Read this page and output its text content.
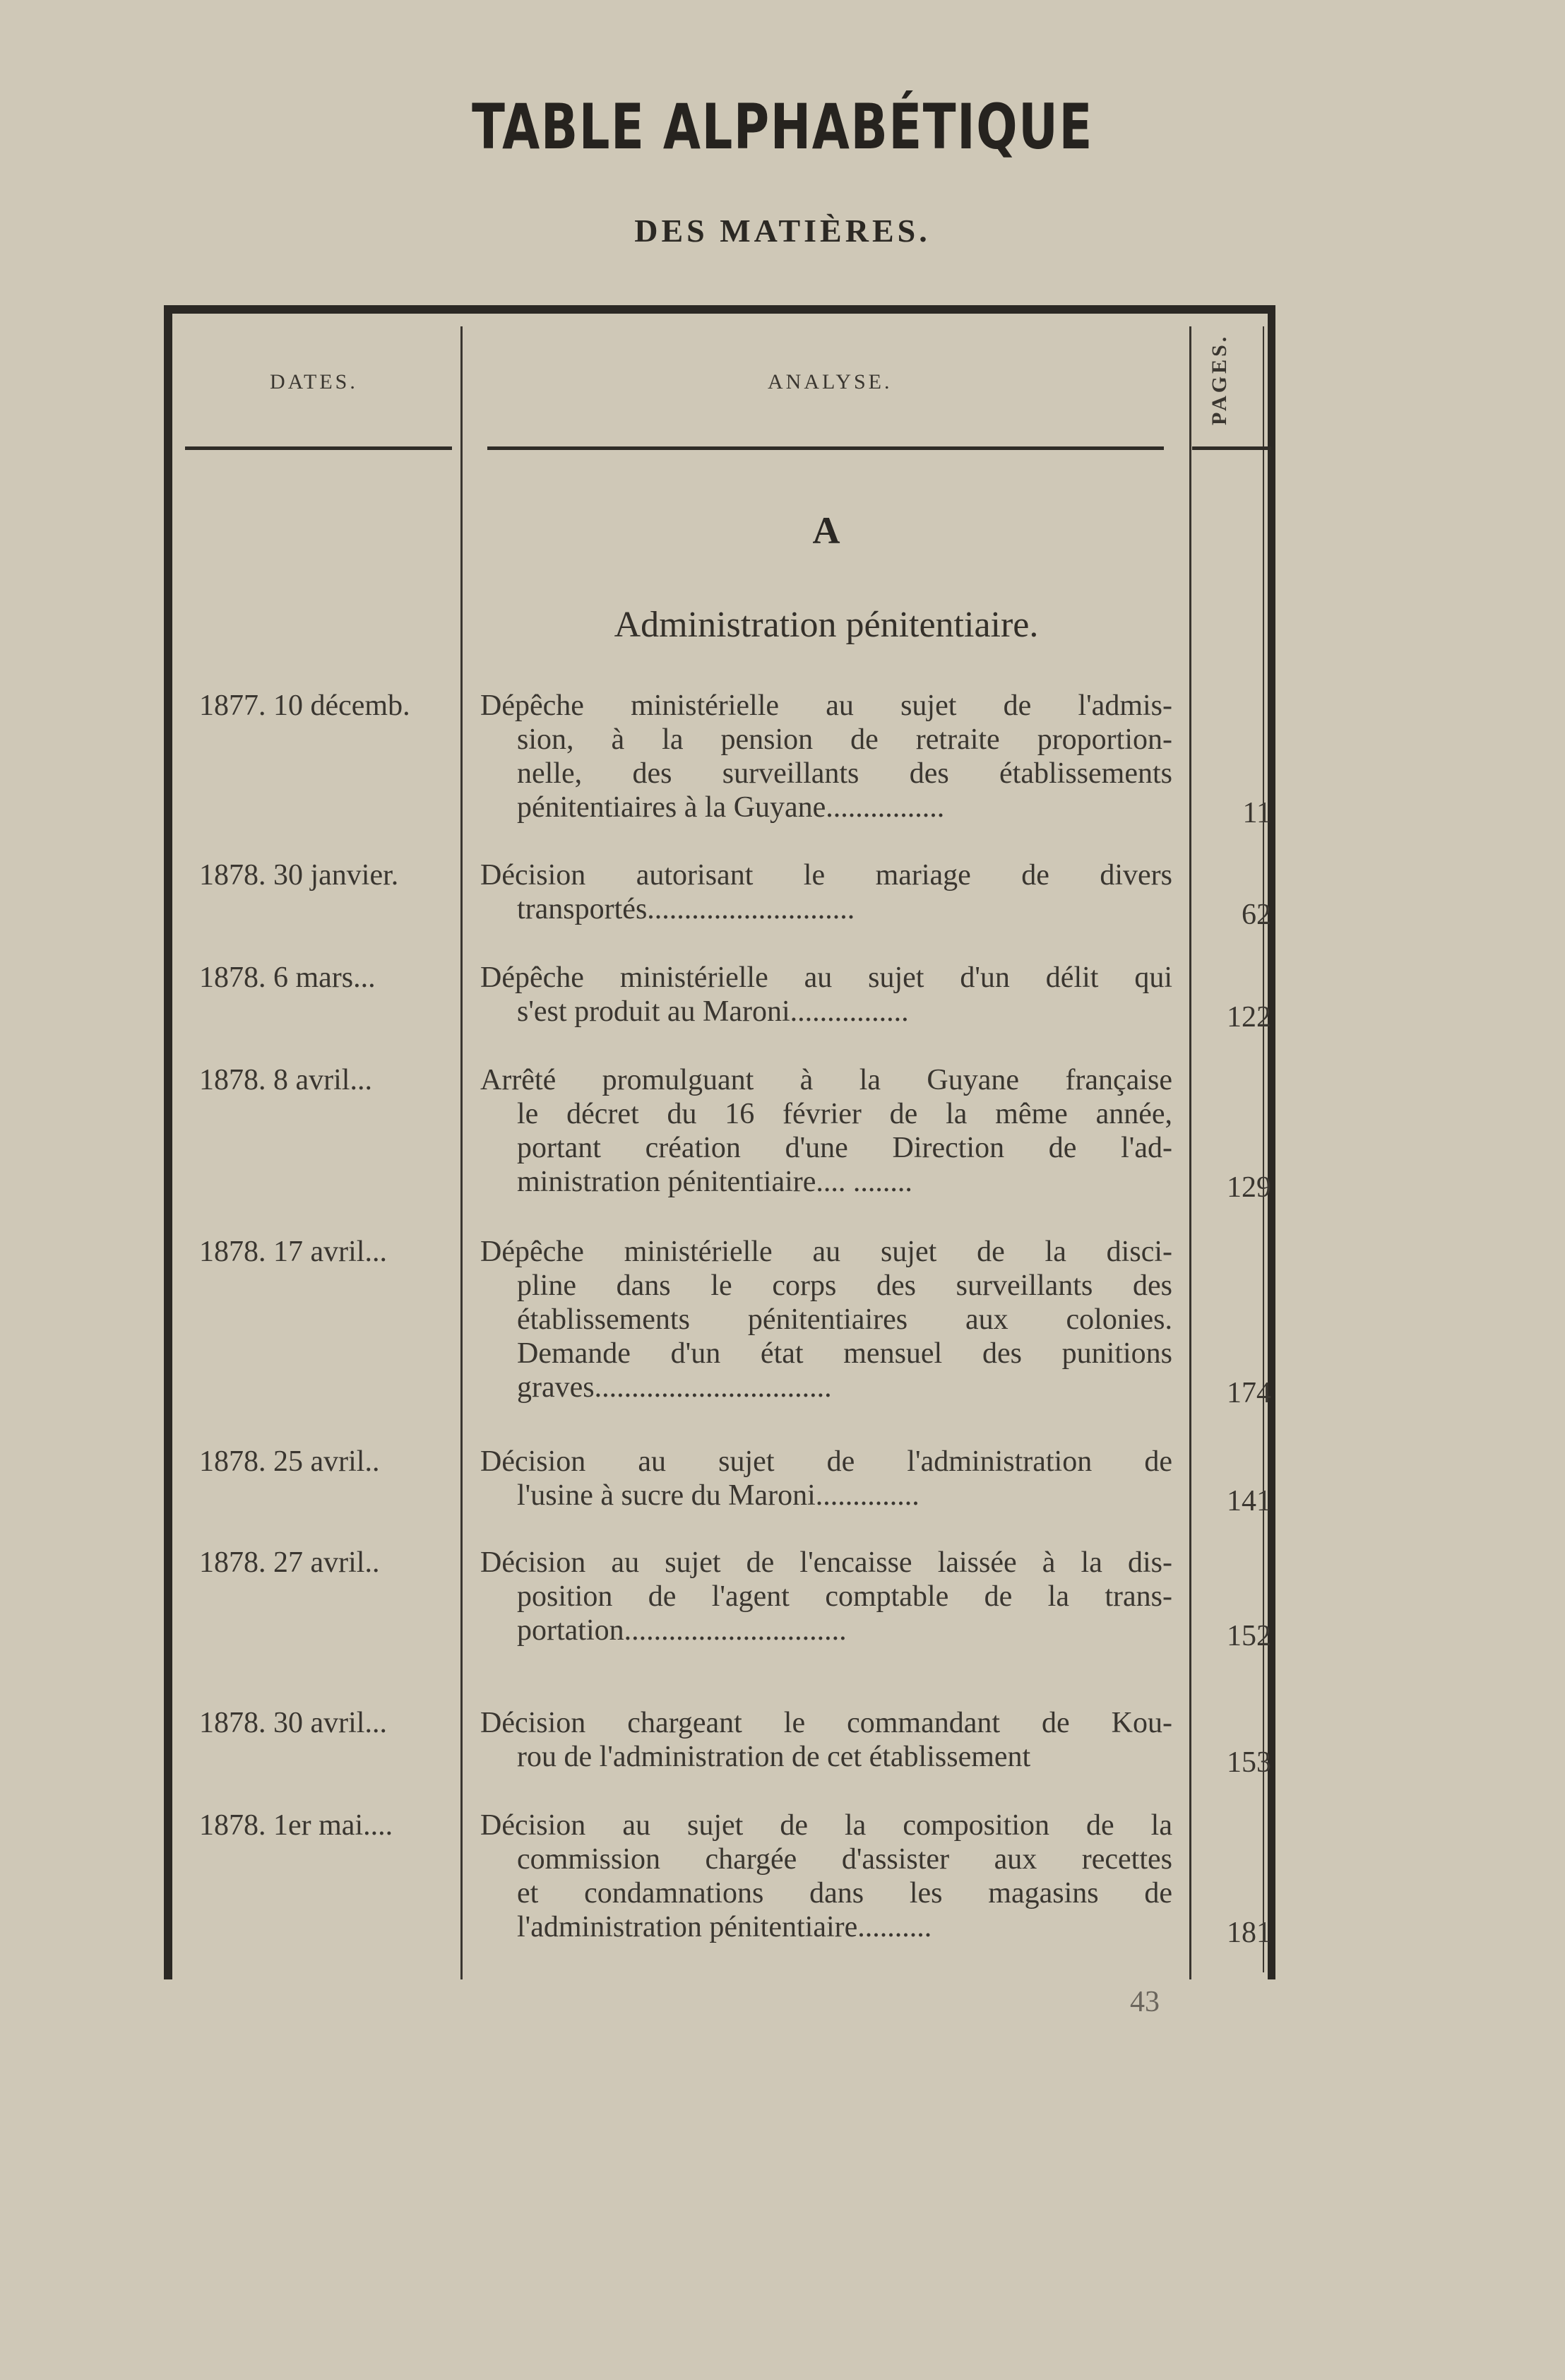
TABLE ALPHABÉTIQUE
DES MATIÈRES.
DATES.	ANALYSE.	PAGES.
A
Administration pénitentiaire.
1877. 10 décemb.	Dépêche ministérielle au sujet de l'admis-
sion, à la pension de retraite proportion-
nelle, des surveillants des établissements
pénitentiaires à la Guyane................	11
1878. 30 janvier.	Décision autorisant le mariage de divers
transportés............................	62
1878. 6 mars...	Dépêche ministérielle au sujet d'un délit qui
s'est produit au Maroni................	122
1878. 8 avril...	Arrêté promulguant à la Guyane française
le décret du 16 février de la même année,
portant création d'une Direction de l'ad-
ministration pénitentiaire.... ........	129
1878. 17 avril...	Dépêche ministérielle au sujet de la disci-
pline dans le corps des surveillants des
établissements pénitentiaires aux colonies.
Demande d'un état mensuel des punitions
graves................................	174
1878. 25 avril..	Décision au sujet de l'administration de
l'usine à sucre du Maroni..............	141
1878. 27 avril..	Décision au sujet de l'encaisse laissée à la dis-
position de l'agent comptable de la trans-
portation..............................	152
1878. 30 avril...	Décision chargeant le commandant de Kou-
rou de l'administration de cet établissement	153
1878. 1er mai....	Décision au sujet de la composition de la
commission chargée d'assister aux recettes
et condamnations dans les magasins de
l'administration pénitentiaire..........	181
43
